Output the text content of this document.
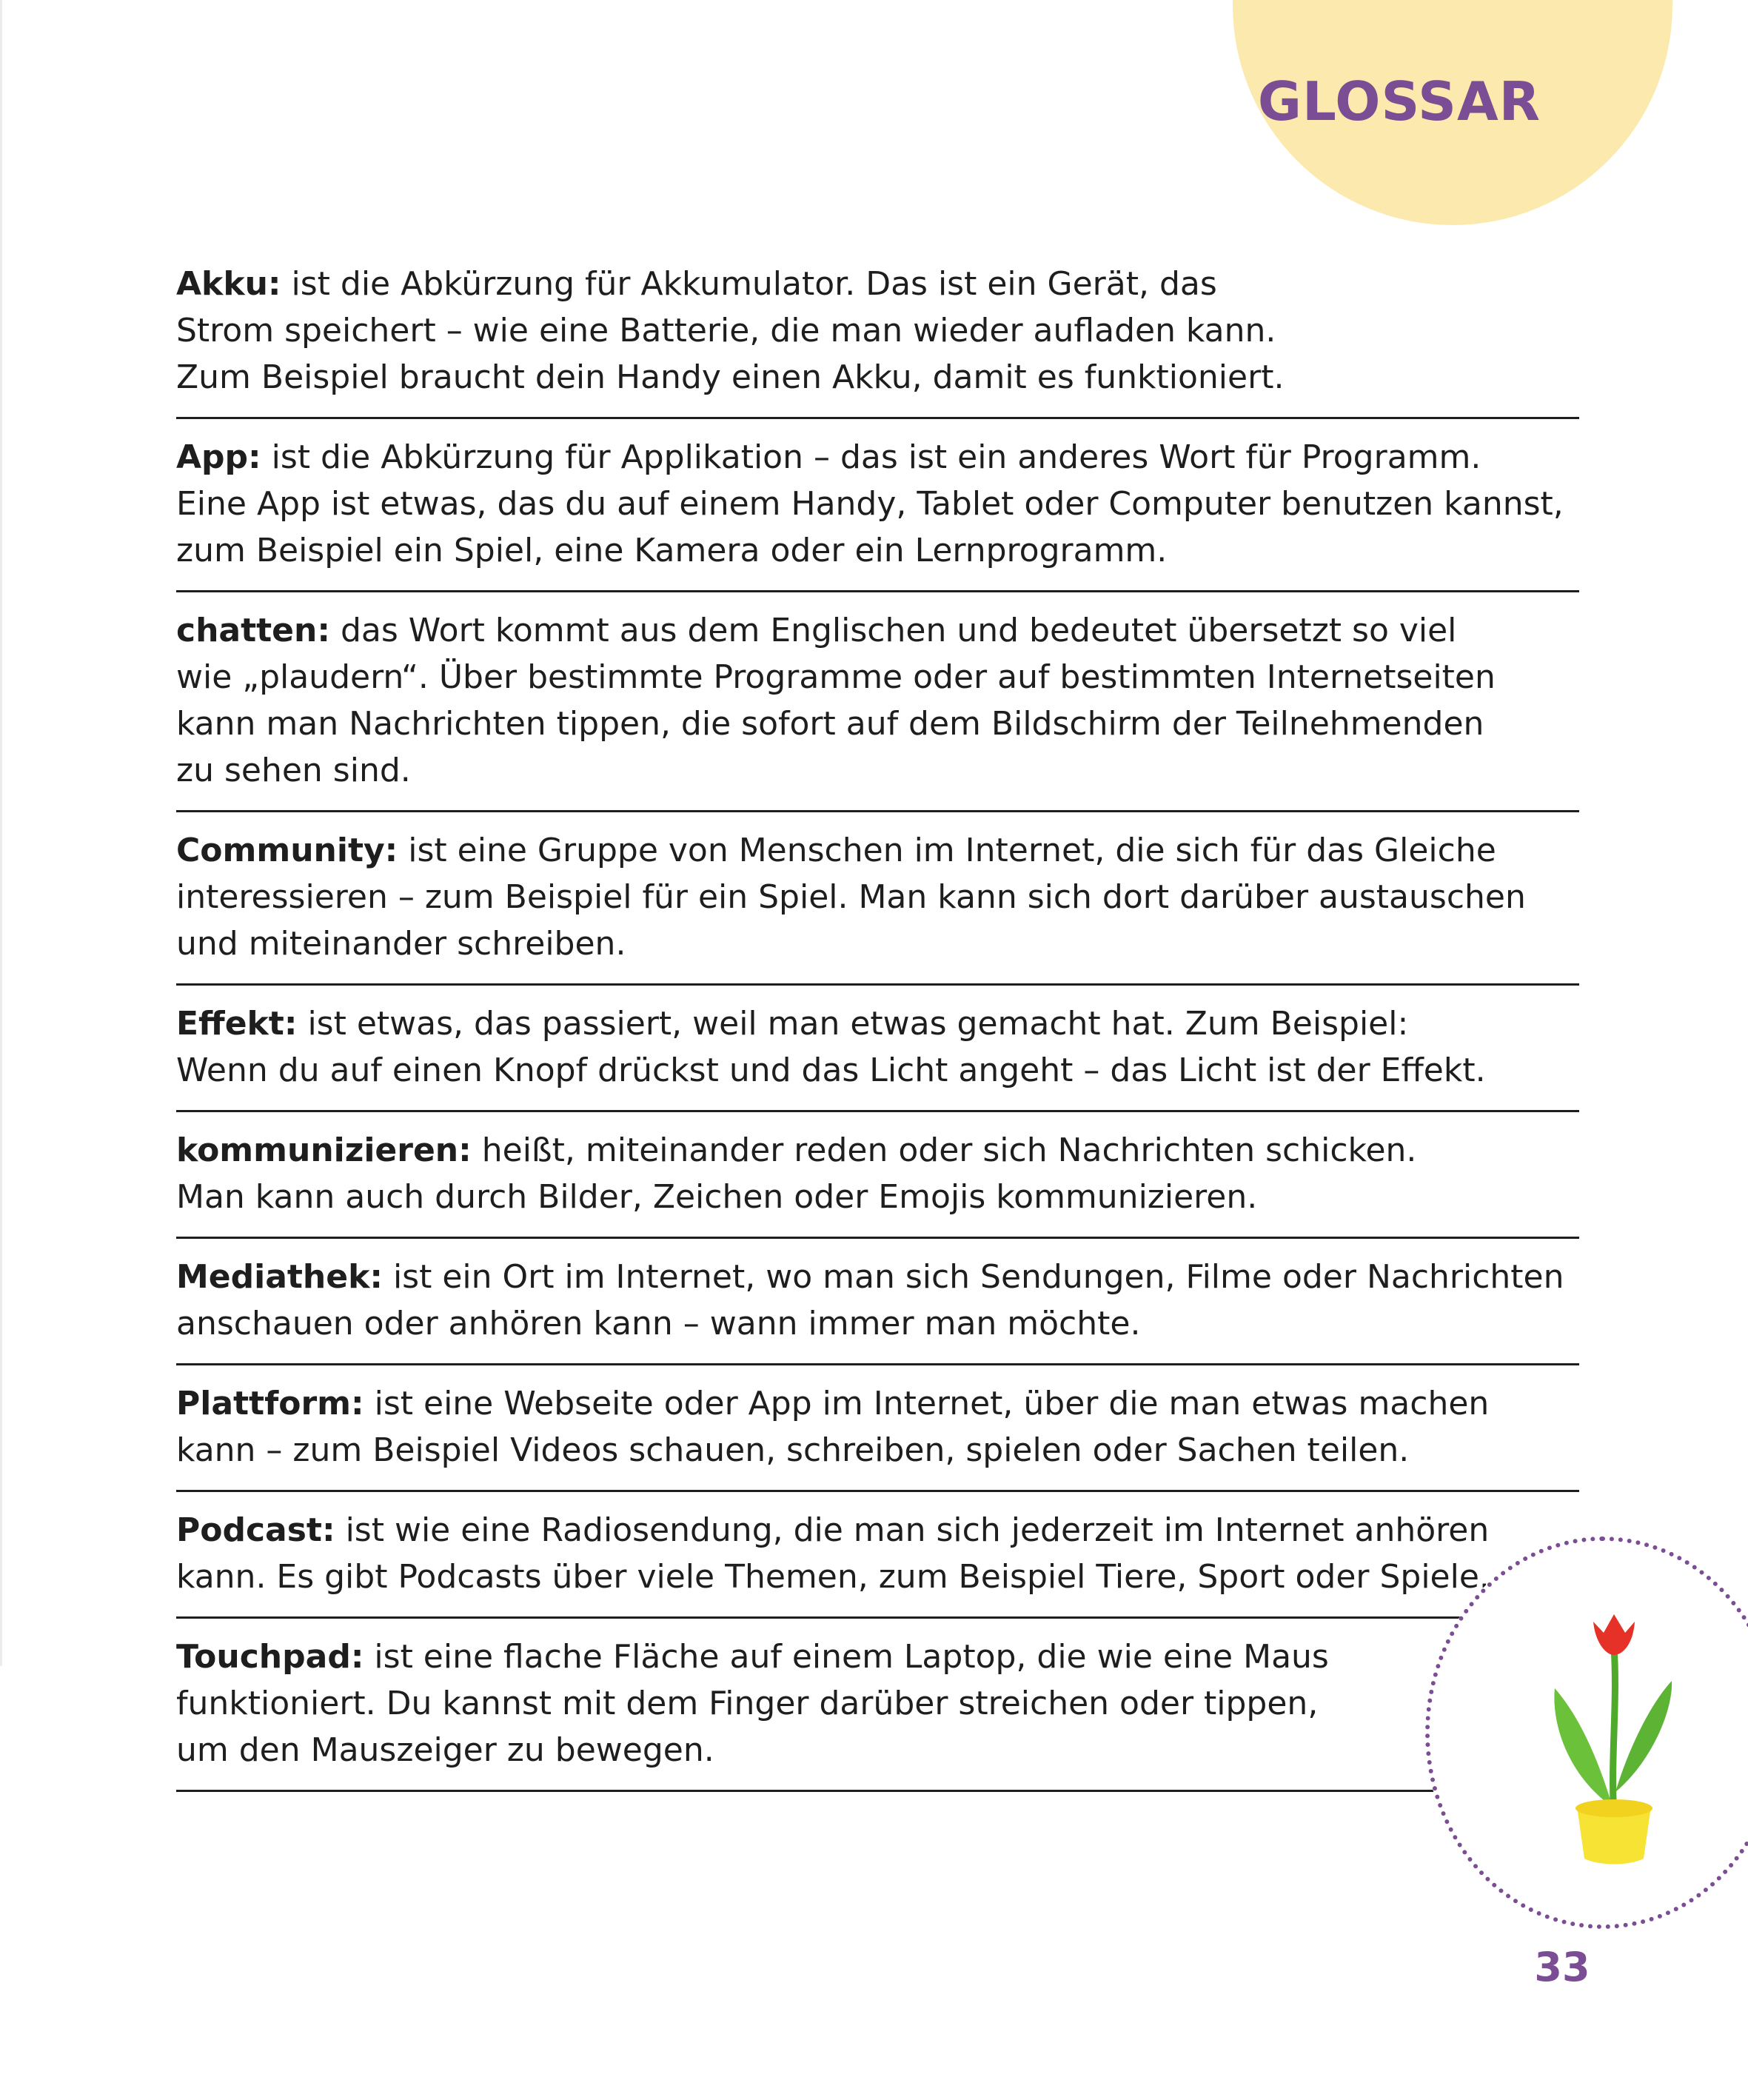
GLOSSAR
Akku: ist die Abkürzung für Akkumulator. Das ist ein Gerät, das
Strom speichert – wie eine Batterie, die man wieder aufladen kann.
Zum Beispiel braucht dein Handy einen Akku, damit es funktioniert.
App: ist die Abkürzung für Applikation – das ist ein anderes Wort für Programm.
Eine App ist etwas, das du auf einem Handy, Tablet oder Computer benutzen kannst,
zum Beispiel ein Spiel, eine Kamera oder ein Lernprogramm.
chatten: das Wort kommt aus dem Englischen und bedeutet übersetzt so viel
wie „plaudern“. Über bestimmte Programme oder auf bestimmten Internetseiten
kann man Nachrichten tippen, die sofort auf dem Bildschirm der Teilnehmenden
zu sehen sind.
Community: ist eine Gruppe von Menschen im Internet, die sich für das Gleiche
interessieren – zum Beispiel für ein Spiel. Man kann sich dort darüber austauschen
und miteinander schreiben.
Effekt: ist etwas, das passiert, weil man etwas gemacht hat. Zum Beispiel:
Wenn du auf einen Knopf drückst und das Licht angeht – das Licht ist der Effekt.
kommunizieren: heißt, miteinander reden oder sich Nachrichten schicken.
Man kann auch durch Bilder, Zeichen oder Emojis kommunizieren.
Mediathek: ist ein Ort im Internet, wo man sich Sendungen, Filme oder Nachrichten
anschauen oder anhören kann – wann immer man möchte.
Plattform: ist eine Webseite oder App im Internet, über die man etwas machen
kann – zum Beispiel Videos schauen, schreiben, spielen oder Sachen teilen.
Podcast: ist wie eine Radiosendung, die man sich jederzeit im Internet anhören
kann. Es gibt Podcasts über viele Themen, zum Beispiel Tiere, Sport oder Spiele.
Touchpad: ist eine flache Fläche auf einem Laptop, die wie eine Maus
funktioniert. Du kannst mit dem Finger darüber streichen oder tippen,
um den Mauszeiger zu bewegen.
33
